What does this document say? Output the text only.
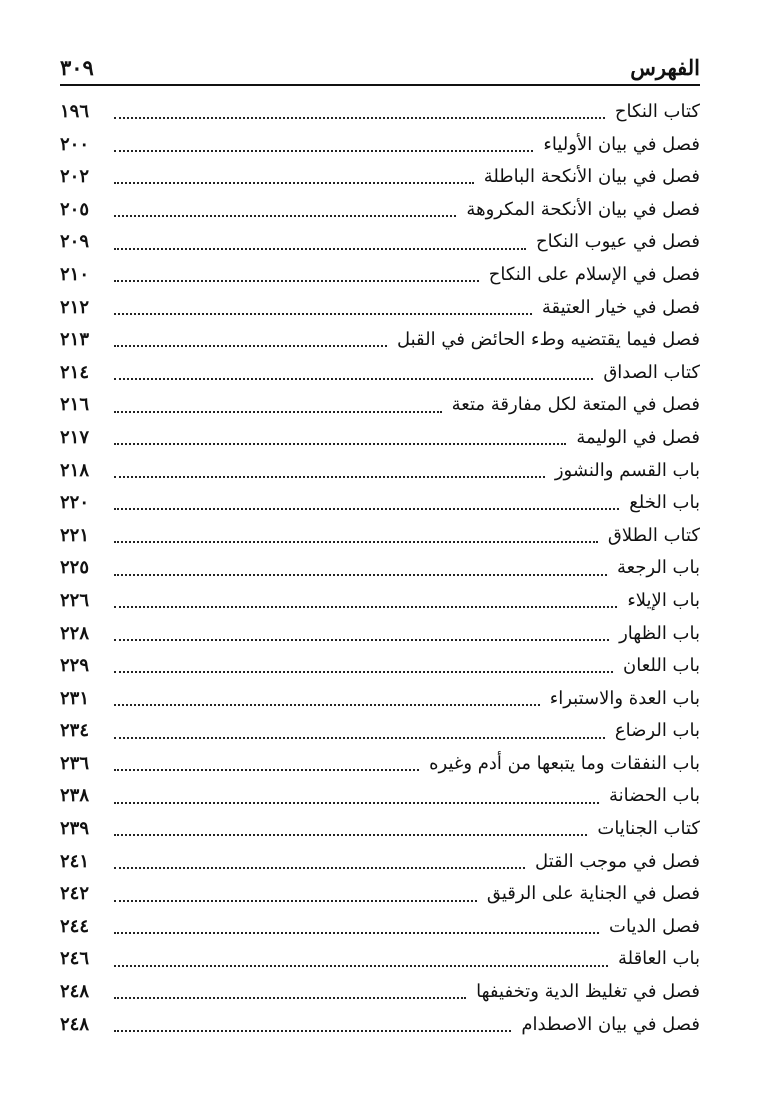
الفهرس
٣٠٩
كتاب النكاح
١٩٦
فصل في بيان الأولياء
٢٠٠
فصل في بيان الأنكحة الباطلة
٢٠٢
فصل في بيان الأنكحة المكروهة
٢٠٥
فصل في عيوب النكاح
٢٠٩
فصل في الإسلام على النكاح
٢١٠
فصل في خيار العتيقة
٢١٢
فصل فيما يقتضيه وطء الحائض في القبل
٢١٣
كتاب الصداق
٢١٤
فصل في المتعة لكل مفارقة متعة
٢١٦
فصل في الوليمة
٢١٧
باب القسم والنشوز
٢١٨
باب الخلع
٢٢٠
كتاب الطلاق
٢٢١
باب الرجعة
٢٢٥
باب الإيلاء
٢٢٦
باب الظهار
٢٢٨
باب اللعان
٢٢٩
باب العدة والاستبراء
٢٣١
باب الرضاع
٢٣٤
باب النفقات وما يتبعها من أدم وغيره
٢٣٦
باب الحضانة
٢٣٨
كتاب الجنايات
٢٣٩
فصل في موجب القتل
٢٤١
فصل في الجناية على الرقيق
٢٤٢
فصل الديات
٢٤٤
باب العاقلة
٢٤٦
فصل في تغليظ الدية وتخفيفها
٢٤٨
فصل في بيان الاصطدام
٢٤٨
